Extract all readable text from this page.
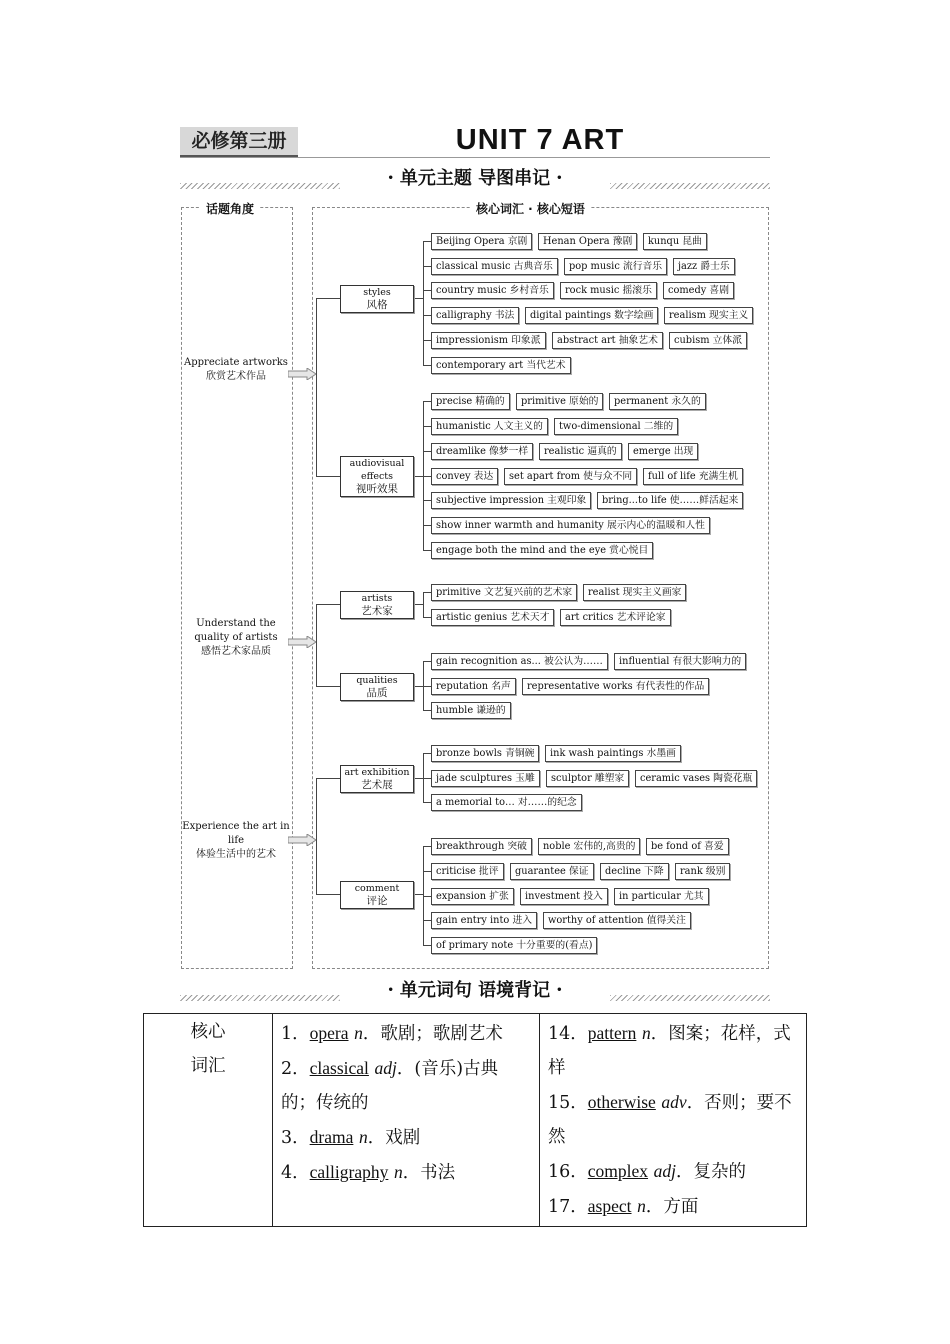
必修第三册	UNIT 7 ART
• 单元主题 导图串记 •
话题角度	核心词汇 · 核心短语
Appreciate artworks
欣赏艺术作品
Understand the quality of artists
感悟艺术家品质
Experience the art in life
体验生活中的艺术
styles
风格
audiovisual effects
视听效果
artists
艺术家
qualities
品质
art exhibition
艺术展
comment
评论
Beijing Opera 京剧	Henan Opera 豫剧	kunqu 昆曲
classical music 古典音乐	pop music 流行音乐	jazz 爵士乐
country music 乡村音乐	rock music 摇滚乐	comedy 喜剧
calligraphy 书法	digital paintings 数字绘画	realism 现实主义
impressionism 印象派	abstract art 抽象艺术	cubism 立体派
contemporary art 当代艺术
precise 精确的	primitive 原始的	permanent 永久的
humanistic 人文主义的	two-dimensional 二维的
dreamlike 像梦一样	realistic 逼真的	emerge 出现
convey 表达	set apart from 使与众不同	full of life 充满生机
subjective impression 主观印象	bring...to life 使……鲜活起来
show inner warmth and humanity 展示内心的温暖和人性
engage both the mind and the eye 赏心悦目
primitive 文艺复兴前的艺术家	realist 现实主义画家
artistic genius 艺术天才	art critics 艺术评论家
gain recognition as... 被公认为……	influential 有很大影响力的
reputation 名声	representative works 有代表性的作品
humble 谦逊的
bronze bowls 青铜碗	ink wash paintings 水墨画
jade sculptures 玉雕	sculptor 雕塑家	ceramic vases 陶瓷花瓶
a memorial to… 对……的纪念
breakthrough 突破	noble 宏伟的,高贵的	be fond of 喜爱
criticise 批评	guarantee 保证	decline 下降	rank 级别
expansion 扩张	investment 投入	in particular 尤其
gain entry into 进入	worthy of attention 值得关注
of primary note 十分重要的(看点)
• 单元词句 语境背记 •
核心
词汇

1．opera n．歌剧；歌剧艺术
2．classical adj．(音乐)古典的；传统的
3．drama n．戏剧
4．calligraphy n．书法

14．pattern n．图案；花样，式样
15．otherwise adv．否则；要不然
16．complex adj．复杂的
17．aspect n．方面
